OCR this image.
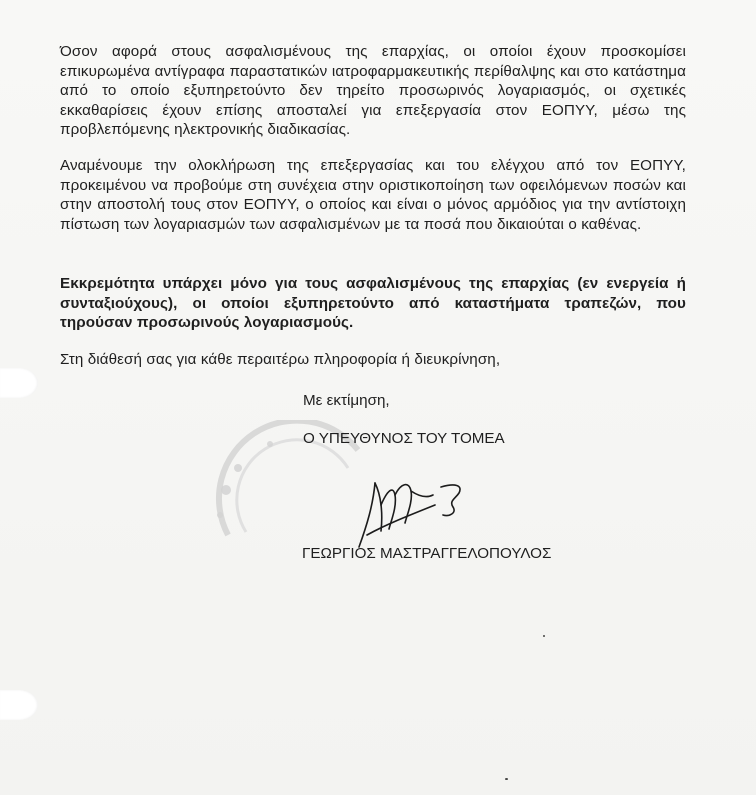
Όσον αφορά στους ασφαλισμένους της επαρχίας, οι οποίοι έχουν προσκομίσει επικυρωμένα αντίγραφα παραστατικών ιατροφαρμακευτικής περίθαλψης και στο κατάστημα από το οποίο εξυπηρετούντο δεν τηρείτο προσωρινός λογαριασμός, οι σχετικές εκκαθαρίσεις έχουν επίσης αποσταλεί για επεξεργασία στον ΕΟΠΥΥ, μέσω της προβλεπόμενης ηλεκτρονικής διαδικασίας.

Αναμένουμε την ολοκλήρωση της επεξεργασίας και του ελέγχου από τον ΕΟΠΥΥ, προκειμένου να προβούμε στη συνέχεια στην οριστικοποίηση των οφειλόμενων ποσών και στην αποστολή τους στον ΕΟΠΥΥ, ο οποίος και είναι ο μόνος αρμόδιος για την αντίστοιχη πίστωση των λογαριασμών των ασφαλισμένων με τα ποσά που δικαιούται ο καθένας.

Εκκρεμότητα υπάρχει μόνο για τους ασφαλισμένους της επαρχίας (εν ενεργεία ή συνταξιούχους), οι οποίοι εξυπηρετούντο από καταστήματα τραπεζών, που τηρούσαν προσωρινούς λογαριασμούς.

Στη διάθεσή σας για κάθε περαιτέρω πληροφορία ή διευκρίνηση,

Με εκτίμηση,
Ο ΥΠΕΥΘΥΝΟΣ ΤΟΥ ΤΟΜΕΑ
ΓΕΩΡΓΙΟΣ ΜΑΣΤΡΑΓΓΕΛΟΠΟΥΛΟΣ
